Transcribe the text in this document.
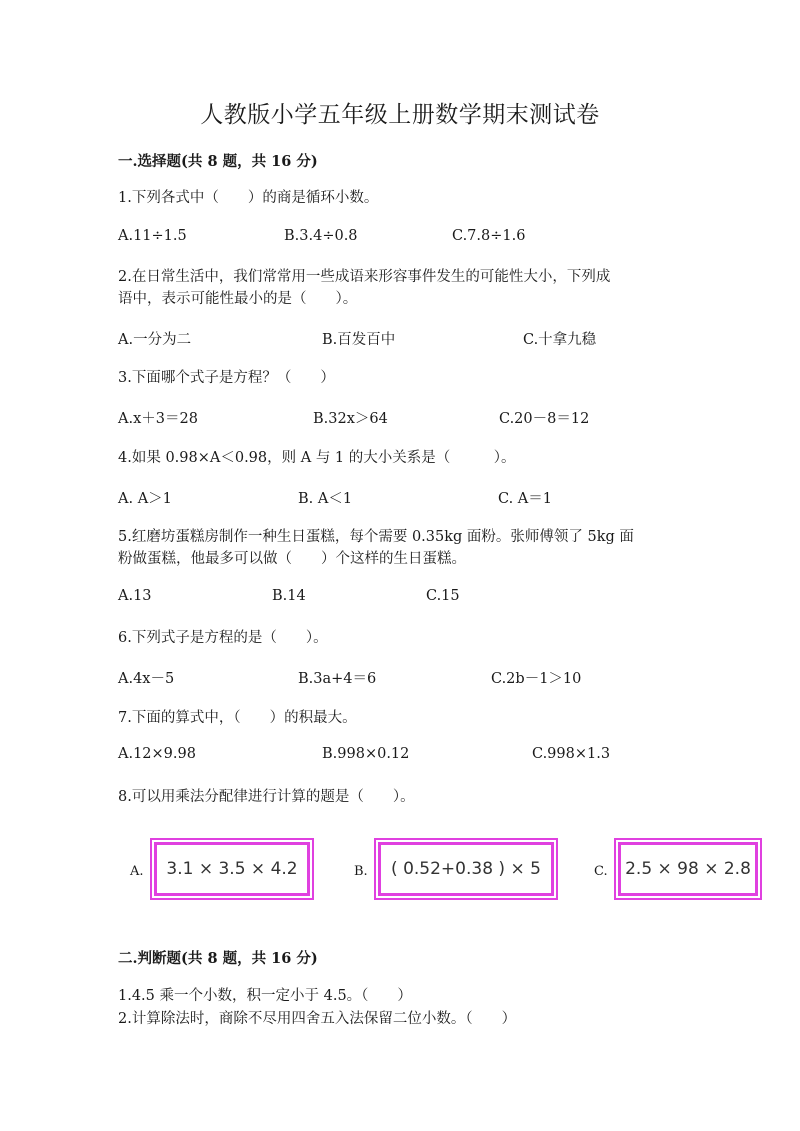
人教版小学五年级上册数学期末测试卷
一.选择题(共 8 题，共 16 分)
1.下列各式中（　　）的商是循环小数。
A.11÷1.5	B.3.4÷0.8	C.7.8÷1.6
2.在日常生活中，我们常常用一些成语来形容事件发生的可能性大小，下列成
语中，表示可能性最小的是（　　）。
A.一分为二	B.百发百中	C.十拿九稳
3.下面哪个式子是方程？（　　）
A.x＋3＝28	B.32x＞64	C.20－8＝12
4.如果 0.98×A＜0.98，则 A 与 1 的大小关系是（　　　）。
A. A＞1	B. A＜1	C. A＝1
5.红磨坊蛋糕房制作一种生日蛋糕，每个需要 0.35kg 面粉。张师傅领了 5kg 面
粉做蛋糕，他最多可以做（　　）个这样的生日蛋糕。
A.13	B.14	C.15
6.下列式子是方程的是（　　）。
A.4x－5	B.3a+4＝6	C.2b－1＞10
7.下面的算式中，（　　）的积最大。
A.12×9.98	B.998×0.12	C.998×1.3
8.可以用乘法分配律进行计算的题是（　　）。
A.	3.1 × 3.5 × 4.2	B.	( 0.52+0.38 ) × 5	C.	2.5 × 98 × 2.8
二.判断题(共 8 题，共 16 分)
1.4.5 乘一个小数，积一定小于 4.5。（　　）
2.计算除法时，商除不尽用四舍五入法保留二位小数。（　　）
